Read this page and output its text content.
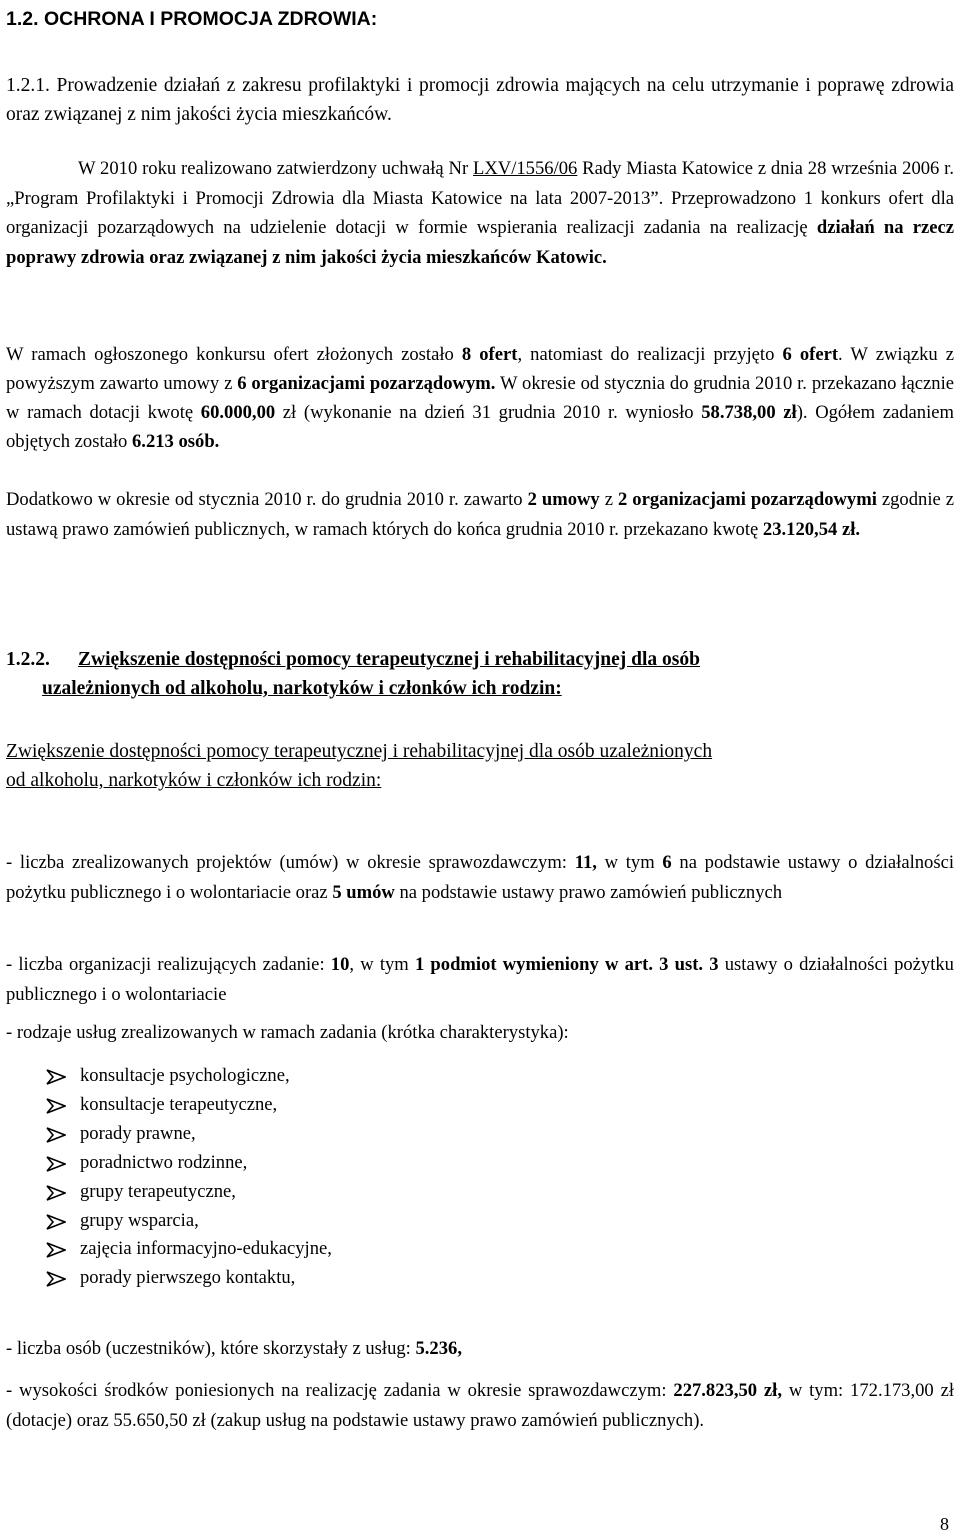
1.2. OCHRONA I PROMOCJA ZDROWIA:

1.2.1. Prowadzenie działań z zakresu profilaktyki i promocji zdrowia mających na celu utrzymanie i poprawę zdrowia oraz związanej z nim jakości życia mieszkańców.

W 2010 roku realizowano zatwierdzony uchwałą Nr LXV/1556/06 Rady Miasta Katowice z dnia 28 września 2006 r. „Program Profilaktyki i Promocji Zdrowia dla Miasta Katowice na lata 2007-2013”. Przeprowadzono 1 konkurs ofert dla organizacji pozarządowych na udzielenie dotacji w formie wspierania realizacji zadania na realizację działań na rzecz poprawy zdrowia oraz związanej z nim jakości życia mieszkańców Katowic.

W ramach ogłoszonego konkursu ofert złożonych zostało 8 ofert, natomiast do realizacji przyjęto 6 ofert. W związku z powyższym zawarto umowy z 6 organizacjami pozarządowym. W okresie od stycznia do grudnia 2010 r. przekazano łącznie w ramach dotacji kwotę 60.000,00 zł (wykonanie na dzień 31 grudnia 2010 r. wyniosło 58.738,00 zł). Ogółem zadaniem objętych zostało 6.213 osób.

Dodatkowo w okresie od stycznia 2010 r. do grudnia 2010 r. zawarto 2 umowy z 2 organizacjami pozarządowymi zgodnie z ustawą prawo zamówień publicznych, w ramach których do końca grudnia 2010 r. przekazano kwotę 23.120,54 zł.

1.2.2. Zwiększenie dostępności pomocy terapeutycznej i rehabilitacyjnej dla osób
uzależnionych od alkoholu, narkotyków i członków ich rodzin:

Zwiększenie dostępności pomocy terapeutycznej i rehabilitacyjnej dla osób uzależnionych
od alkoholu, narkotyków i członków ich rodzin:

- liczba zrealizowanych projektów (umów) w okresie sprawozdawczym: 11, w tym 6 na podstawie ustawy o działalności pożytku publicznego i o wolontariacie oraz 5 umów na podstawie ustawy prawo zamówień publicznych

- liczba organizacji realizujących zadanie: 10, w tym 1 podmiot wymieniony w art. 3 ust. 3 ustawy o działalności pożytku publicznego i o wolontariacie

- rodzaje usług zrealizowanych w ramach zadania (krótka charakterystyka):

konsultacje psychologiczne,
konsultacje terapeutyczne,
porady prawne,
poradnictwo rodzinne,
grupy terapeutyczne,
grupy wsparcia,
zajęcia informacyjno-edukacyjne,
porady pierwszego kontaktu,

- liczba osób (uczestników), które skorzystały z usług: 5.236,

- wysokości środków poniesionych na realizację zadania w okresie sprawozdawczym: 227.823,50 zł, w tym: 172.173,00 zł (dotacje) oraz 55.650,50 zł (zakup usług na podstawie ustawy prawo zamówień publicznych).

8
